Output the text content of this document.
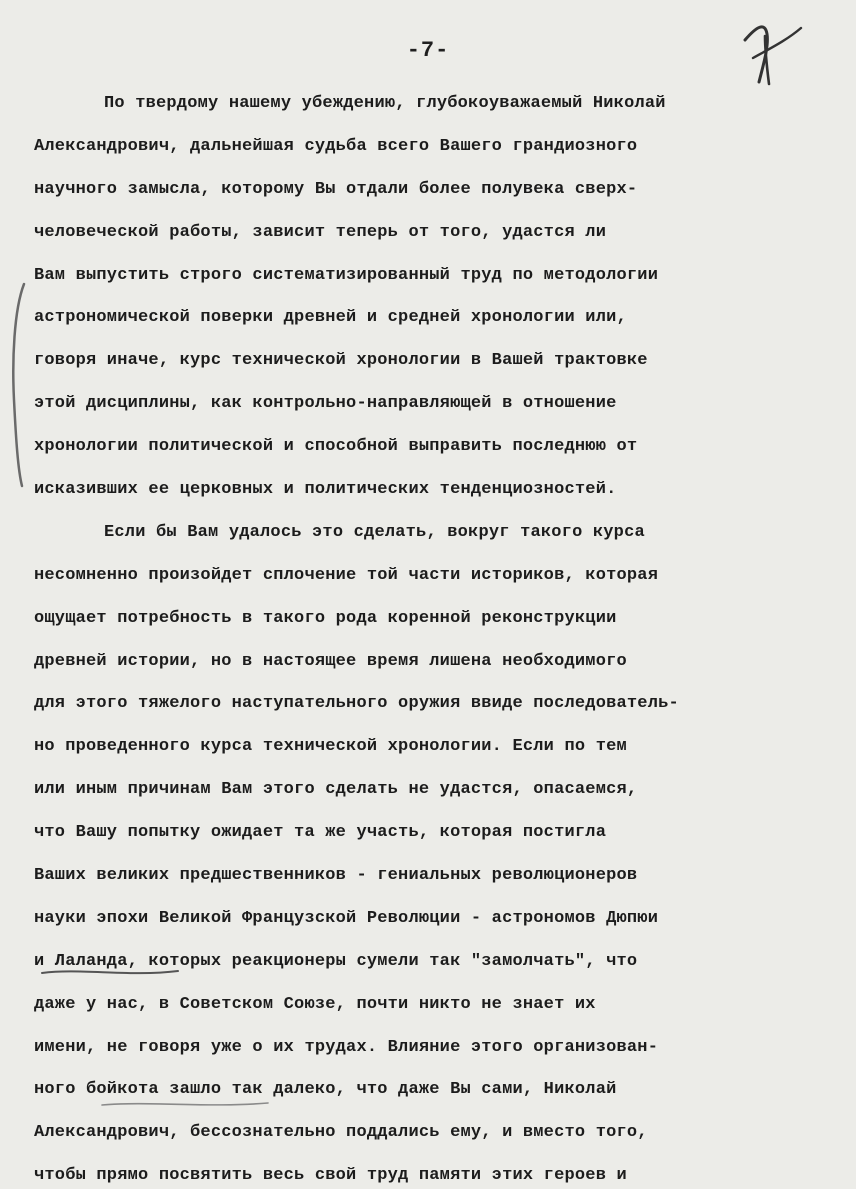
-7-
По твердому нашему убеждению, глубокоуважаемый Николай
Александрович, дальнейшая судьба всего Вашего грандиозного
научного замысла, которому Вы отдали более полувека сверх-
человеческой работы, зависит теперь от того, удастся ли
Вам выпустить строго систематизированный труд по методологии
астрономической поверки древней и средней хронологии или,
говоря иначе, курс технической хронологии в Вашей трактовке
этой дисциплины, как контрольно-направляющей в отношение
хронологии политической и способной выправить последнюю от
исказивших ее церковных и политических тенденциозностей.
Если бы Вам удалось это сделать, вокруг такого курса
несомненно произойдет сплочение той части историков, которая
ощущает потребность в такого рода коренной реконструкции
древней истории, но в настоящее время лишена необходимого
для этого тяжелого наступательного оружия ввиде последователь-
но проведенного курса технической хронологии. Если по тем
или иным причинам Вам этого сделать не удастся, опасаемся,
что Вашу попытку ожидает та же участь, которая постигла
Ваших великих предшественников - гениальных революционеров
науки эпохи Великой Французской Революции - астрономов Дюпюи
и Лаланда, которых реакционеры сумели так "замолчать", что
даже у нас, в Советском Союзе, почти никто не знает их
имени, не говоря уже о их трудах. Влияние этого организован-
ного бойкота зашло так далеко, что даже Вы сами, Николай
Александрович, бессознательно поддались ему, и вместо того,
чтобы прямо посвятить весь свой труд памяти этих героев и
